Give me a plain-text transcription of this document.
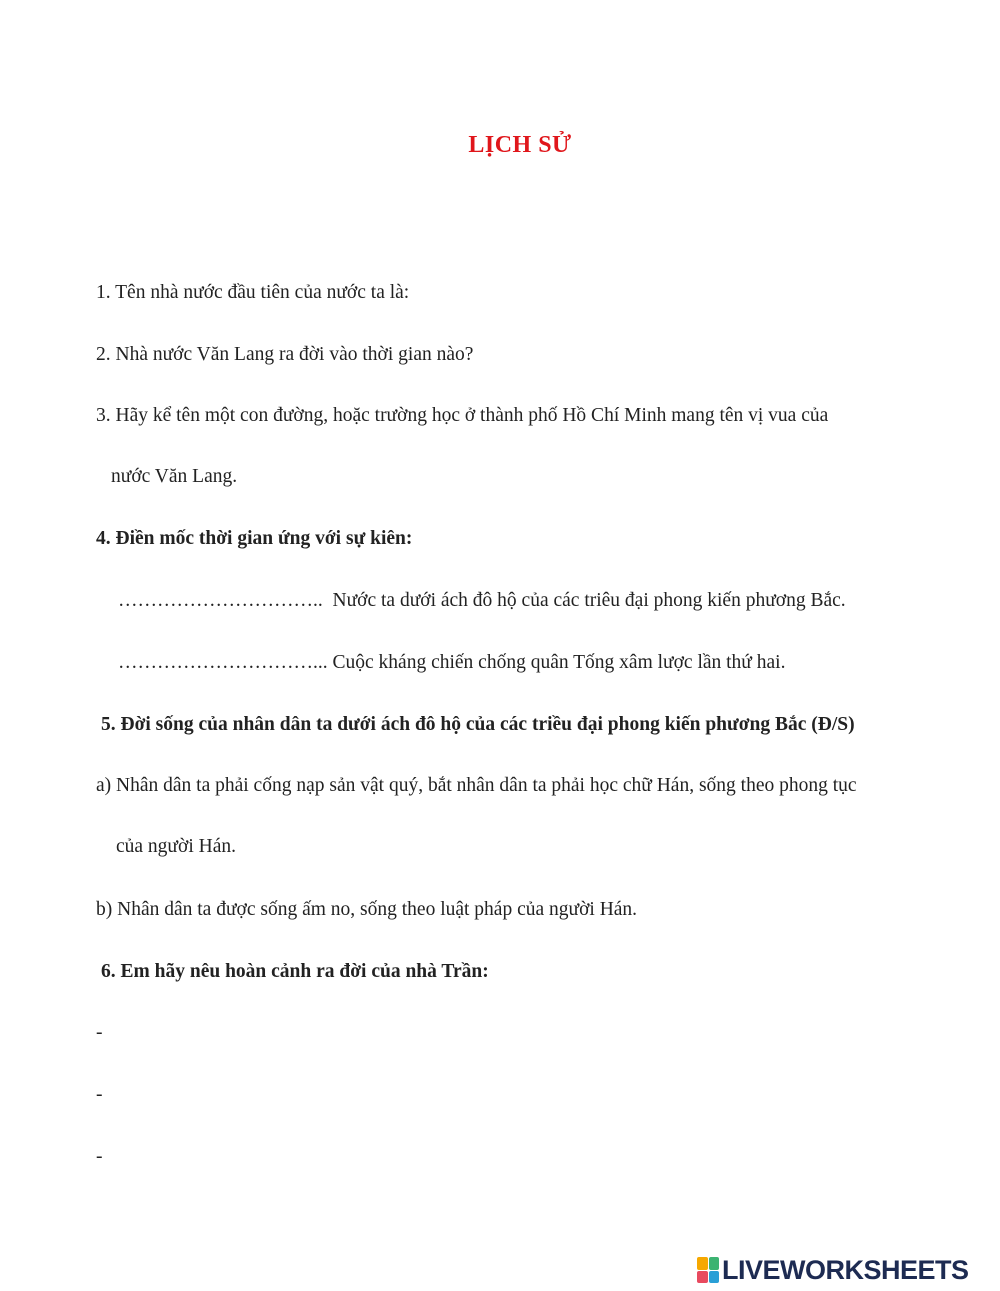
LỊCH SỬ
1. Tên nhà nước đầu tiên của nước ta là:
2. Nhà nước Văn Lang ra đời vào thời gian nào?
3. Hãy kể tên một con đường, hoặc trường học ở thành phố Hồ Chí Minh mang tên vị vua của
nước Văn Lang.
4. Điền mốc thời gian ứng với sự kiên:
………………………….. Nước ta dưới ách đô hộ của các triêu đại phong kiến phương Bắc.
…………………………... Cuộc kháng chiến chống quân Tống xâm lược lần thứ hai.
5. Đời sống của nhân dân ta dưới ách đô hộ của các triều đại phong kiến phương Bắc (Đ/S)
a) Nhân dân ta phải cống nạp sản vật quý, bắt nhân dân ta phải học chữ Hán, sống theo phong tục
của người Hán.
b) Nhân dân ta được sống ấm no, sống theo luật pháp của người Hán.
6. Em hãy nêu hoàn cảnh ra đời của nhà Trần:
-
-
-
LIVEWORKSHEETS
